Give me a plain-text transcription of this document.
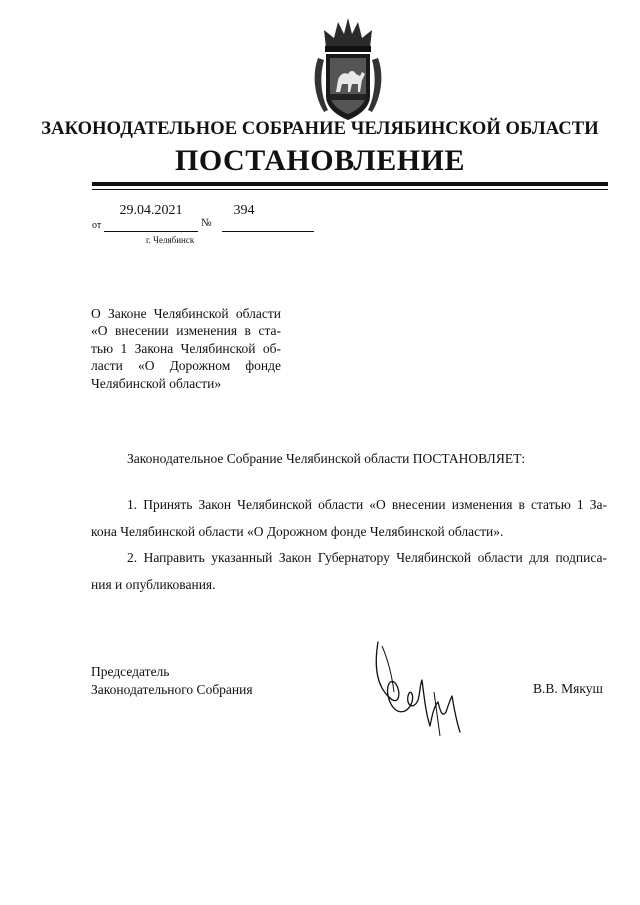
ЗАКОНОДАТЕЛЬНОЕ СОБРАНИЕ ЧЕЛЯБИНСКОЙ ОБЛАСТИ
ПОСТАНОВЛЕНИЕ
от
29.04.2021
№
394
г. Челябинск
О Законе Челябинской области
«О внесении изменения в ста-
тью 1 Закона Челябинской об-
ласти «О Дорожном фонде
Челябинской области»
Законодательное Собрание Челябинской области ПОСТАНОВЛЯЕТ:
1. Принять Закон Челябинской области «О внесении изменения в статью 1 За-
кона Челябинской области «О Дорожном фонде Челябинской области».
2. Направить указанный Закон Губернатору Челябинской области для подписа-
ния и опубликования.
Председатель
Законодательного Собрания	В.В. Мякуш
